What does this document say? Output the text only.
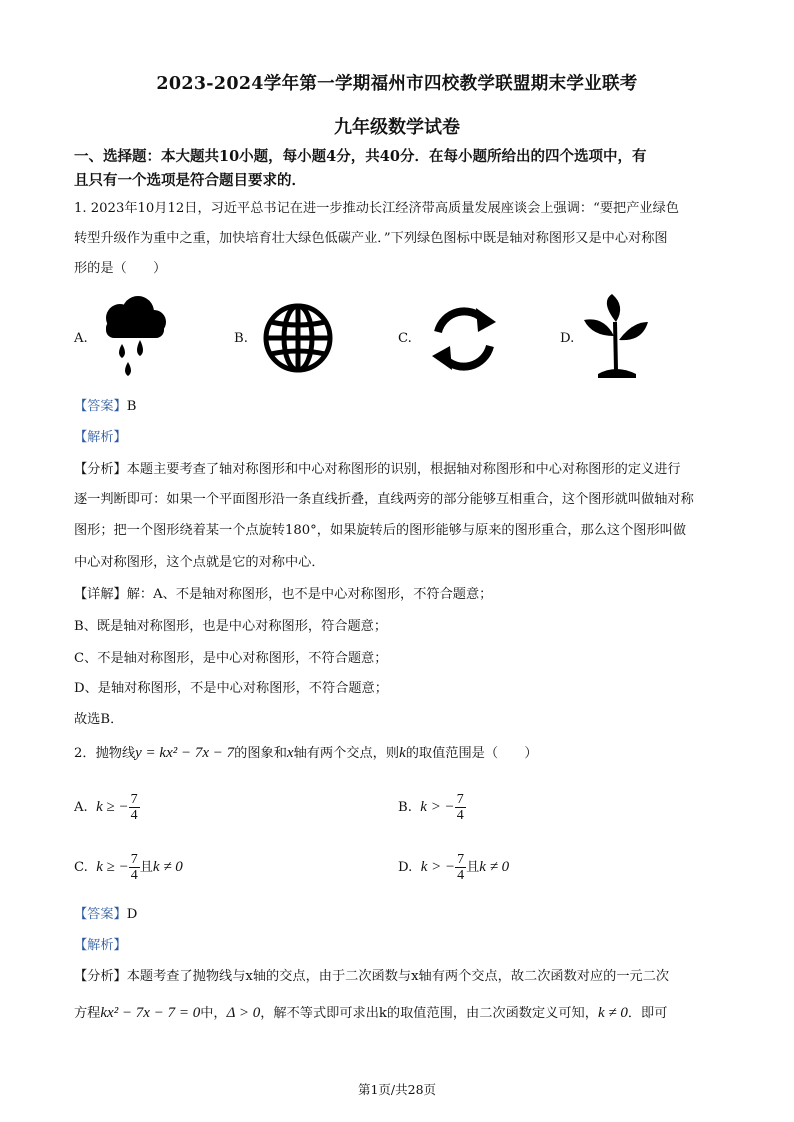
2023-2024学年第一学期福州市四校教学联盟期末学业联考
九年级数学试卷
一、选择题：本大题共10小题，每小题4分，共40分．在每小题所给出的四个选项中，有
且只有一个选项是符合题目要求的．
1. 2023年10月12日，习近平总书记在进一步推动长江经济带高质量发展座谈会上强调：“要把产业绿色
转型升级作为重中之重，加快培育壮大绿色低碳产业．”下列绿色图标中既是轴对称图形又是中心对称图
形的是（　　）
A.	B.	C.	D.
【答案】B
【解析】
【分析】本题主要考查了轴对称图形和中心对称图形的识别，根据轴对称图形和中心对称图形的定义进行
逐一判断即可：如果一个平面图形沿一条直线折叠，直线两旁的部分能够互相重合，这个图形就叫做轴对称
图形；把一个图形绕着某一个点旋转180°，如果旋转后的图形能够与原来的图形重合，那么这个图形叫做
中心对称图形，这个点就是它的对称中心．
【详解】解：A、不是轴对称图形，也不是中心对称图形，不符合题意；
B、既是轴对称图形，也是中心对称图形，符合题意；
C、不是轴对称图形，是中心对称图形，不符合题意；
D、是轴对称图形，不是中心对称图形，不符合题意；
故选B．
2．抛物线y = kx² − 7x − 7的图象和x轴有两个交点，则k的取值范围是（　　）
A. k ≥ − $\frac{7}{4}$	B. k > − $\frac{7}{4}$
C. k ≥ − $\frac{7}{4}$ 且k ≠ 0	D. k > − $\frac{7}{4}$ 且k ≠ 0
【答案】D
【解析】
【分析】本题考查了抛物线与x轴的交点，由于二次函数与x轴有两个交点，故二次函数对应的一元二次
方程kx² − 7x − 7 = 0中，Δ > 0，解不等式即可求出k的取值范围，由二次函数定义可知，k ≠ 0．即可
第1页/共28页
